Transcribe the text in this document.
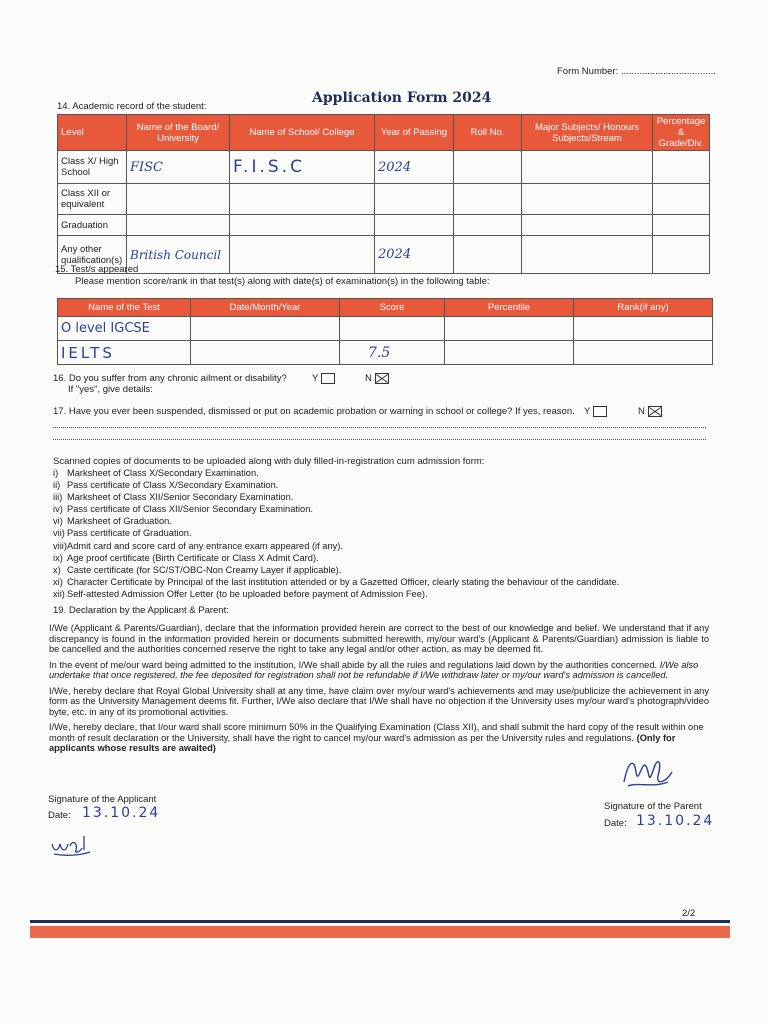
Form Number: ....................................
Application Form 2024
14. Academic record of the student:
Level	Name of the Board/ University	Name of School/ College	Year of Passing	Roll No.	Major Subjects/ Honours Subjects/Stream	Percentage & Grade/Div.
Class X/ High School	FISC	F.I.S.C	2024			
Class XII or equivalent						
Graduation						
Any other qualification(s)	British Council		2024			
15. Test/s appeared
Please mention score/rank in that test(s) along with date(s) of examination(s) in the following table:
Name of the Test	Date/Month/Year	Score	Percentile	Rank(if any)
O level IGCSE				
IELTS		7.5		
16. Do you suffer from any chronic ailment or disability?
If "yes", give details:
Y	N
17. Have you ever been suspended, dismissed or put on academic probation or warning in school or college? If yes, reason. Y	N
Scanned copies of documents to be uploaded along with duly filled-in-registration cum admission form:
i) Marksheet of Class X/Secondary Examination.
ii) Pass certificate of Class X/Secondary Examination.
iii) Marksheet of Class XII/Senior Secondary Examination.
iv) Pass certificate of Class XII/Senior Secondary Examination.
vi) Marksheet of Graduation.
vii) Pass certificate of Graduation.
viii)Admit card and score card of any entrance exam appeared (if any).
ix) Age proof certificate (Birth Certificate or Class X Admit Card).
x) Caste certificate (for SC/ST/OBC-Non Creamy Layer if applicable).
xi) Character Certificate by Principal of the last institution attended or by a Gazetted Officer, clearly stating the behaviour of the candidate.
xii) Self-attested Admission Offer Letter (to be uploaded before payment of Admission Fee).
19. Declaration by the Applicant & Parent:

I/We (Applicant & Parents/Guardian), declare that the information provided herein are correct to the best of our knowledge and belief. We understand that if any discrepancy is found in the information provided herein or documents submitted herewith, my/our ward's (Applicant & Parents/Guardian) admission is liable to be cancelled and the authorities concerned reserve the right to take any legal and/or other action, as may be deemed fit.

In the event of me/our ward being admitted to the institution, I/We shall abide by all the rules and regulations laid down by the authorities concerned. I/We also undertake that once registered, the fee deposited for registration shall not be refundable if I/We withdraw later or my/our ward's admission is cancelled.

I/We, hereby declare that Royal Global University shall at any time, have claim over my/our ward's achievements and may use/publicize the achievement in any form as the University Management deems fit. Further, I/We also declare that I/We shall have no objection if the University uses my/our ward's photograph/video byte, etc. in any of its promotional activities.

I/We, hereby declare, that I/our ward shall score minimum 50% in the Qualifying Examination (Class XII), and shall submit the hard copy of the result within one month of result declaration or the University, shall have the right to cancel my/our ward's admission as per the University rules and regulations. (Only for applicants whose results are awaited)

Signature of the Applicant
Date: 13.10.24	Signature of the Parent
Date: 13.10.24
2/2
